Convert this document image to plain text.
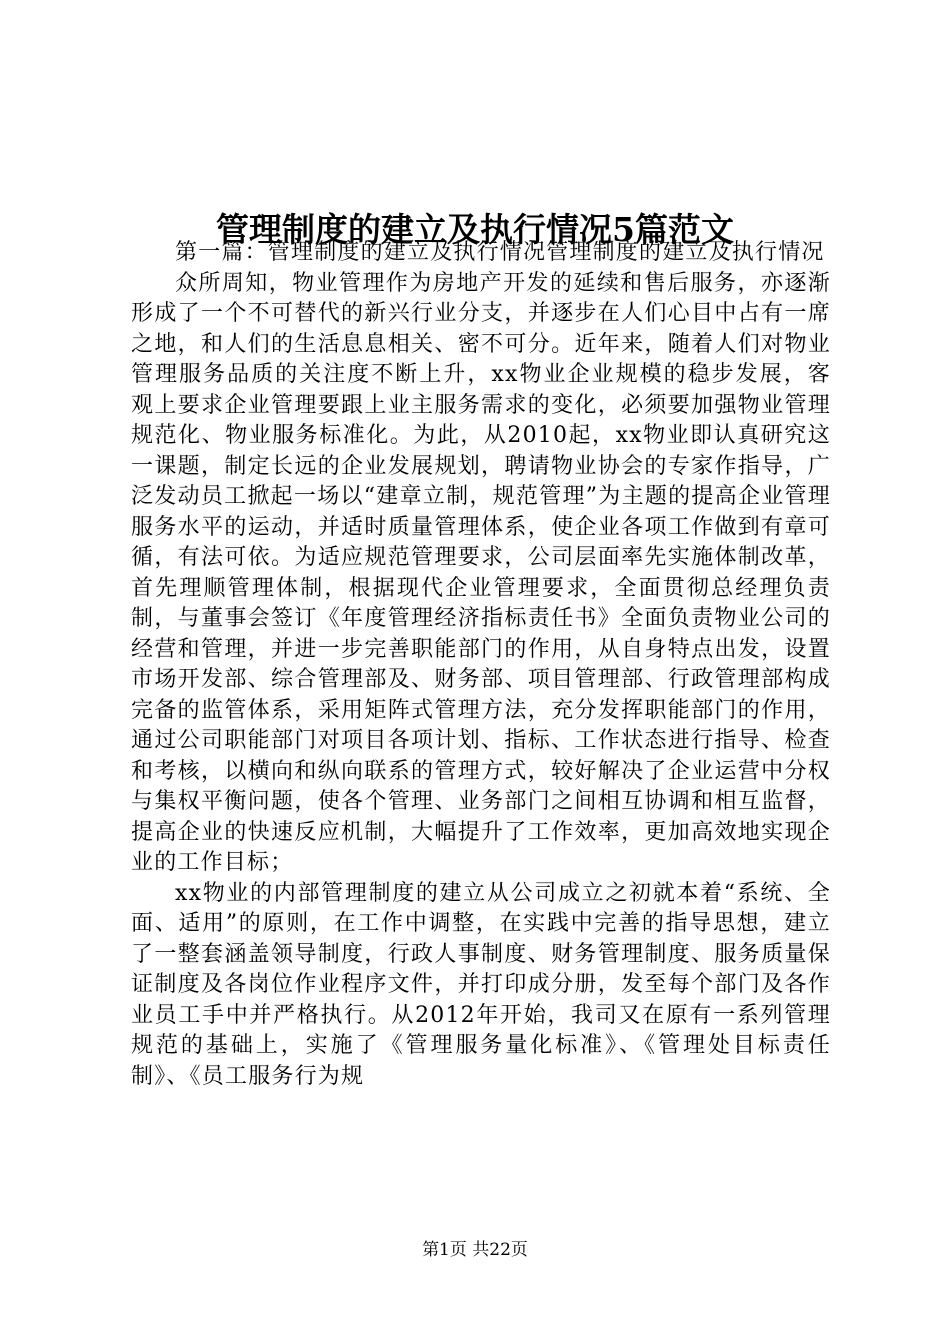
管理制度的建立及执行情况5篇范文

第一篇：管理制度的建立及执行情况管理制度的建立及执行情况

众所周知，物业管理作为房地产开发的延续和售后服务，亦逐渐形成了一个不可替代的新兴行业分支，并逐步在人们心目中占有一席之地，和人们的生活息息相关、密不可分。近年来，随着人们对物业管理服务品质的关注度不断上升，xx物业企业规模的稳步发展，客观上要求企业管理要跟上业主服务需求的变化，必须要加强物业管理规范化、物业服务标准化。为此，从2010起，xx物业即认真研究这一课题，制定长远的企业发展规划，聘请物业协会的专家作指导，广泛发动员工掀起一场以“建章立制，规范管理”为主题的提高企业管理服务水平的运动，并适时质量管理体系，使企业各项工作做到有章可循，有法可依。为适应规范管理要求，公司层面率先实施体制改革，首先理顺管理体制，根据现代企业管理要求，全面贯彻总经理负责制，与董事会签订《年度管理经济指标责任书》全面负责物业公司的经营和管理，并进一步完善职能部门的作用，从自身特点出发，设置市场开发部、综合管理部及、财务部、项目管理部、行政管理部构成完备的监管体系，采用矩阵式管理方法，充分发挥职能部门的作用，通过公司职能部门对项目各项计划、指标、工作状态进行指导、检查和考核，以横向和纵向联系的管理方式，较好解决了企业运营中分权与集权平衡问题，使各个管理、业务部门之间相互协调和相互监督，提高企业的快速反应机制，大幅提升了工作效率，更加高效地实现企业的工作目标；

xx物业的内部管理制度的建立从公司成立之初就本着“系统、全面、适用”的原则，在工作中调整，在实践中完善的指导思想，建立了一整套涵盖领导制度，行政人事制度、财务管理制度、服务质量保证制度及各岗位作业程序文件，并打印成分册，发至每个部门及各作业员工手中并严格执行。从2012年开始，我司又在原有一系列管理规范的基础上，实施了《管理服务量化标准》、《管理处目标责任制》、《员工服务行为规

第1页 共22页
